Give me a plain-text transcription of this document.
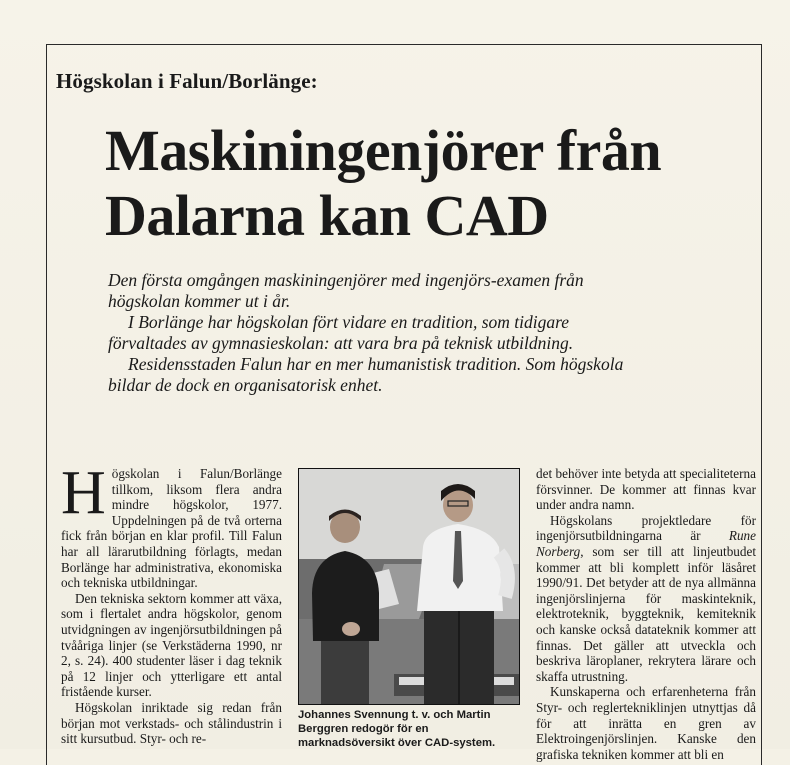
Högskolan i Falun/Borlänge:
Maskiningenjörer från
Dalarna kan CAD

Den första omgången maskiningenjörer med ingenjörs-examen från högskolan kommer ut i år.

I Borlänge har högskolan fört vidare en tradition, som tidigare förvaltades av gymnasieskolan: att vara bra på teknisk utbildning.

Residensstaden Falun har en mer humanistisk tradition. Som högskola bildar de dock en organisatorisk enhet.

Högskolan i Falun/Borlänge tillkom, liksom flera andra mindre högskolor, 1977. Uppdelningen på de två orterna fick från början en klar profil. Till Falun har all lärarutbildning förlagts, medan Borlänge har administrativa, ekonomiska och tekniska utbildningar.

Den tekniska sektorn kommer att växa, som i flertalet andra högskolor, genom utvidgningen av ingenjörsutbildningen på tvååriga linjer (se Verkstäderna 1990, nr 2, s. 24). 400 studenter läser i dag teknik på 12 linjer och ytterligare ett antal fristående kurser.

Högskolan inriktade sig redan från början mot verkstads- och stålindustrin i sitt kursutbud. Styr- och re-

Johannes Svennung t. v. och Martin Berggren redogör för en marknadsöversikt över CAD-system.

det behöver inte betyda att specialiteterna försvinner. De kommer att finnas kvar under andra namn.

Högskolans projektledare för ingenjörsutbildningarna är Rune Norberg, som ser till att linjeutbudet kommer att bli komplett inför läsåret 1990/91. Det betyder att de nya allmänna ingenjörslinjerna för maskinteknik, elektroteknik, byggteknik, kemiteknik och kanske också datateknik kommer att finnas. Det gäller att utveckla och beskriva läroplaner, rekrytera lärare och skaffa utrustning.

Kunskaperna och erfarenheterna från Styr- och reglertekniklinjen utnyttjas då för att inrätta en gren av Elektroingenjörslinjen. Kanske den grafiska tekniken kommer att bli en
